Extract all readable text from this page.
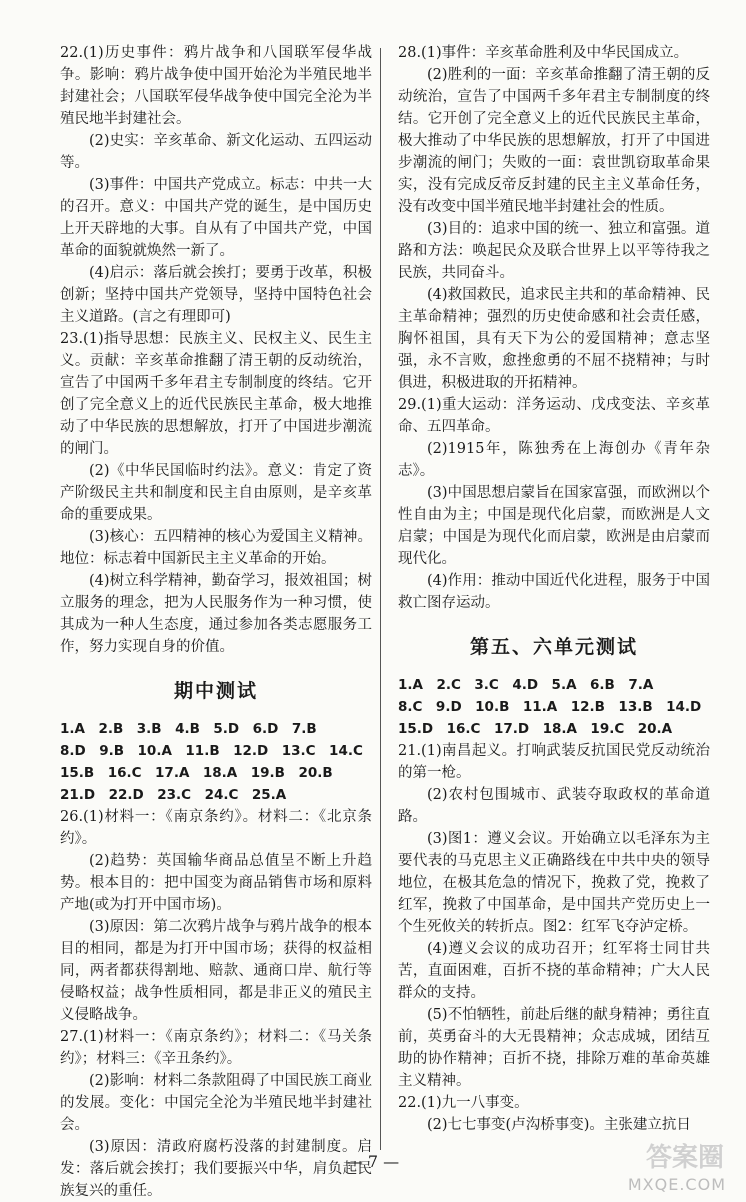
22.(1)历史事件：鸦片战争和八国联军侵华战争。影响：鸦片战争使中国开始沦为半殖民地半封建社会；八国联军侵华战争使中国完全沦为半殖民地半封建社会。

(2)史实：辛亥革命、新文化运动、五四运动等。

(3)事件：中国共产党成立。标志：中共一大的召开。意义：中国共产党的诞生，是中国历史上开天辟地的大事。自从有了中国共产党，中国革命的面貌就焕然一新了。

(4)启示：落后就会挨打；要勇于改革，积极创新；坚持中国共产党领导，坚持中国特色社会主义道路。(言之有理即可)

23.(1)指导思想：民族主义、民权主义、民生主义。贡献：辛亥革命推翻了清王朝的反动统治，宣告了中国两千多年君主专制制度的终结。它开创了完全意义上的近代民族民主革命，极大地推动了中华民族的思想解放，打开了中国进步潮流的闸门。

(2)《中华民国临时约法》。意义：肯定了资产阶级民主共和制度和民主自由原则，是辛亥革命的重要成果。

(3)核心：五四精神的核心为爱国主义精神。地位：标志着中国新民主主义革命的开始。

(4)树立科学精神，勤奋学习，报效祖国；树立服务的理念，把为人民服务作为一种习惯，使其成为一种人生态度，通过参加各类志愿服务工作，努力实现自身的价值。

期中测试

1.A　2.B　3.B　4.B　5.D　6.D　7.B

8.D　9.B　10.A　11.B　12.D　13.C　14.C

15.B　16.C　17.A　18.A　19.B　20.B

21.D　22.D　23.C　24.C　25.A

26.(1)材料一：《南京条约》。材料二：《北京条约》。

(2)趋势：英国输华商品总值呈不断上升趋势。根本目的：把中国变为商品销售市场和原料产地(或为打开中国市场)。

(3)原因：第二次鸦片战争与鸦片战争的根本目的相同，都是为打开中国市场；获得的权益相同，两者都获得割地、赔款、通商口岸、航行等侵略权益；战争性质相同，都是非正义的殖民主义侵略战争。

27.(1)材料一：《南京条约》；材料二：《马关条约》；材料三：《辛丑条约》。

(2)影响：材料二条款阻碍了中国民族工商业的发展。变化：中国完全沦为半殖民地半封建社会。

(3)原因：清政府腐朽没落的封建制度。启发：落后就会挨打；我们要振兴中华，肩负起民族复兴的重任。

28.(1)事件：辛亥革命胜利及中华民国成立。

(2)胜利的一面：辛亥革命推翻了清王朝的反动统治，宣告了中国两千多年君主专制制度的终结。它开创了完全意义上的近代民族民主革命，极大推动了中华民族的思想解放，打开了中国进步潮流的闸门；失败的一面：袁世凯窃取革命果实，没有完成反帝反封建的民主主义革命任务，没有改变中国半殖民地半封建社会的性质。

(3)目的：追求中国的统一、独立和富强。道路和方法：唤起民众及联合世界上以平等待我之民族，共同奋斗。

(4)救国救民，追求民主共和的革命精神、民主革命精神；强烈的历史使命感和社会责任感，胸怀祖国，具有天下为公的爱国精神；意志坚强，永不言败，愈挫愈勇的不屈不挠精神；与时俱进，积极进取的开拓精神。

29.(1)重大运动：洋务运动、戊戌变法、辛亥革命、五四革命。

(2)1915年，陈独秀在上海创办《青年杂志》。

(3)中国思想启蒙旨在国家富强，而欧洲以个性自由为主；中国是现代化启蒙，而欧洲是人文启蒙；中国是为现代化而启蒙，欧洲是由启蒙而现代化。

(4)作用：推动中国近代化进程，服务于中国救亡图存运动。

第五、六单元测试

1.A　2.C　3.C　4.D　5.A　6.B　7.A

8.C　9.D　10.B　11.A　12.B　13.B　14.D

15.D　16.C　17.D　18.A　19.C　20.A

21.(1)南昌起义。打响武装反抗国民党反动统治的第一枪。

(2)农村包围城市、武装夺取政权的革命道路。

(3)图1：遵义会议。开始确立以毛泽东为主要代表的马克思主义正确路线在中共中央的领导地位，在极其危急的情况下，挽救了党，挽救了红军，挽救了中国革命，是中国共产党历史上一个生死攸关的转折点。图2：红军飞夺泸定桥。

(4)遵义会议的成功召开；红军将士同甘共苦，直面困难，百折不挠的革命精神；广大人民群众的支持。

(5)不怕牺牲，前赴后继的献身精神；勇往直前，英勇奋斗的大无畏精神；众志成城，团结互助的协作精神；百折不挠，排除万难的革命英雄主义精神。

22.(1)九一八事变。

(2)七七事变(卢沟桥事变)。主张建立抗日

— 7 —	答案圈
MXQE.COM
